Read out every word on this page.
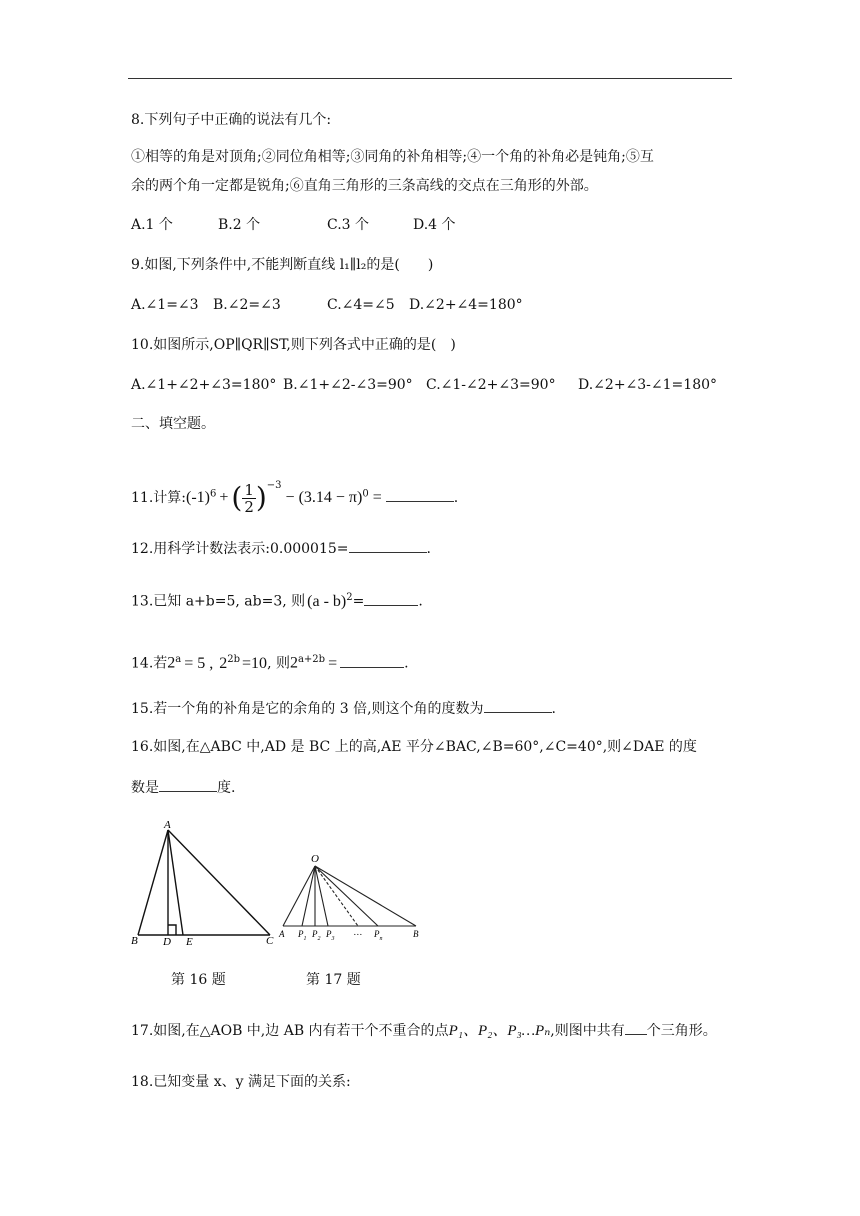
8.下列句子中正确的说法有几个:
①相等的角是对顶角;②同位角相等;③同角的补角相等;④一个角的补角必是钝角;⑤互
余的两个角一定都是锐角;⑥直角三角形的三条高线的交点在三角形的外部。
A.1 个	B.2 个	C.3 个	D.4 个
9.如图,下列条件中,不能判断直线 l₁∥l₂的是(　　)
A.∠1=∠3 B.∠2=∠3	C.∠4=∠5 D.∠2+∠4=180°
10.如图所示,OP∥QR∥ST,则下列各式中正确的是(　)
A.∠1+∠2+∠3=180° B.∠1+∠2-∠3=90° C.∠1-∠2+∠3=90° D.∠2+∠3-∠1=180°
二、填空题。
11.计算$:(-1)^6$ + ( $\frac{1}{2} )^{-3}- (3.14 - \pi)^0$ =	.
12.用科学计数法表示:0.000015=	.
13.已知 a+b=5, ab=3, 则 (a - b)$^2$=	.
14.若$2^a = 5$ , $2^{2b} =10$, 则$2^{a+2b}$ =	.
15.若一个角的补角是它的余角的 3 倍,则这个角的度数为	.
16.如图,在△ABC 中,AD 是 BC 上的高,AE 平分∠BAC,∠B=60°,∠C=40°,则∠DAE 的度
数是	度.
A
B D E	C
O
A $P_1$ $P_2$ $P_3$
… $P_n$	B
第 16 题	第 17 题
17.如图,在△AOB 中,边 AB 内有若干个不重合的点P₁、P₂、P₃…Pₙ,则图中共有 个三角形。
18.已知变量 x、y 满足下面的关系:
